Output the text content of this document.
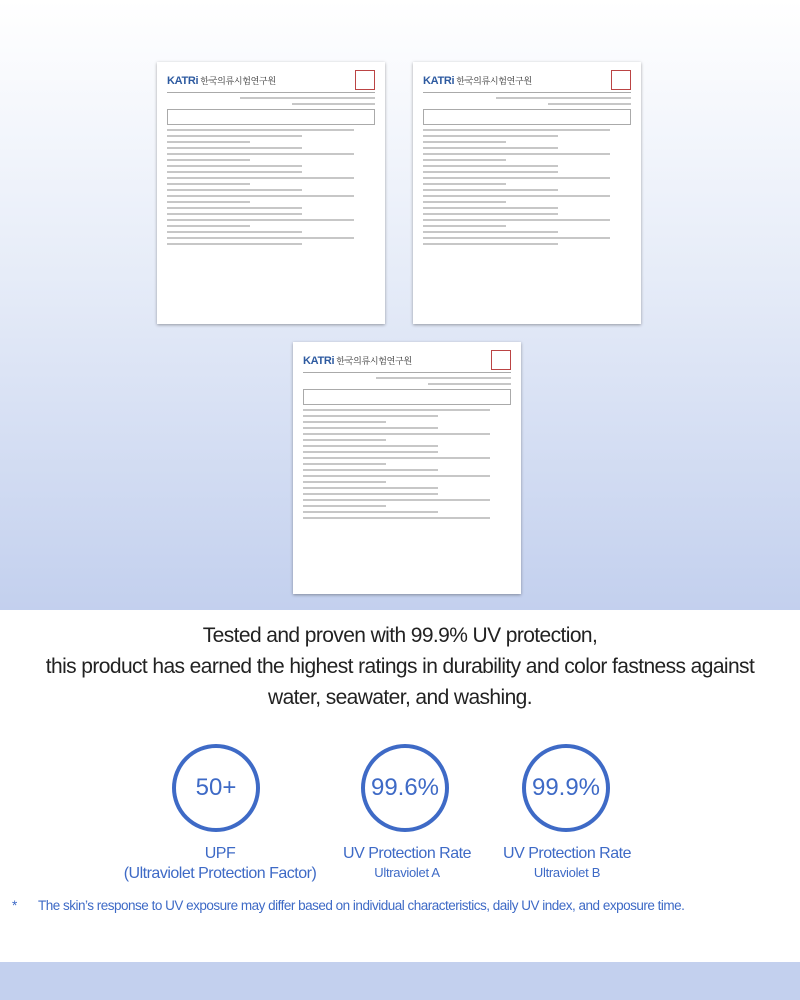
KATRi 한국의류시험연구원	KATRi 한국의류시험연구원
KATRi 한국의류시험연구원
Tested and proven with 99.9% UV protection,
this product has earned the highest ratings in durability and color fastness against
water, seawater, and washing.
50+	99.6%	99.9%
UPF
(Ultraviolet Protection Factor)
UV Protection Rate
Ultraviolet A
UV Protection Rate
Ultraviolet B
* The skin’s response to UV exposure may differ based on individual characteristics, daily UV index, and exposure time.
